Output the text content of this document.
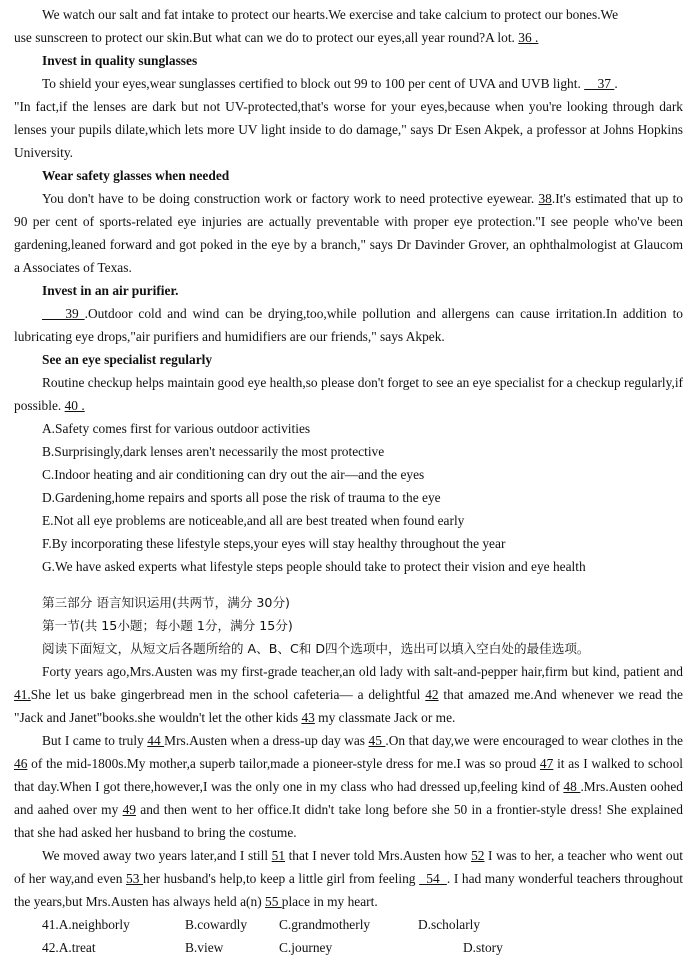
We watch our salt and fat intake to protect our hearts.We exercise and take calcium to protect our bones.We

use sunscreen to protect our skin.But what can we do to protect our eyes,all year round?A lot. 36 .

Invest in quality sunglasses

To shield your eyes,wear sunglasses certified to block out 99 to 100 per cent of UVA and UVB light.     37 .

"In fact,if the lenses are dark but not UV-protected,that's worse for your eyes,because when you're looking through dark lenses your pupils dilate,which lets more UV light inside to do damage," says Dr Esen Akpek, a professor at Johns Hopkins University.

Wear safety glasses when needed

You don't have to be doing construction work or factory work to need protective eyewear. 38.It's estimated that up to 90 per cent of sports-related eye injuries are actually preventable with proper eye protection."I see people who've been gardening,leaned forward and got poked in the eye by a branch," says Dr Davinder Grover, an ophthalmologist at Glaucom a Associates of Texas.

Invest in an air purifier.

39 .Outdoor cold and wind can be drying,too,while pollution and allergens can cause irritation.In addition to lubricating eye drops,"air purifiers and humidifiers are our friends," says Akpek.

See an eye specialist regularly

Routine checkup helps maintain good eye health,so please don't forget to see an eye specialist for a checkup regularly,if possible. 40 .

A.Safety comes first for various outdoor activities

B.Surprisingly,dark lenses aren't necessarily the most protective

C.Indoor heating and air conditioning can dry out the air—and the eyes

D.Gardening,home repairs and sports all pose the risk of trauma to the eye

E.Not all eye problems are noticeable,and all are best treated when found early

F.By incorporating these lifestyle steps,your eyes will stay healthy throughout the year

G.We have asked experts what lifestyle steps people should take to protect their vision and eye health

第三部分 语言知识运用(共两节，满分 30分)

第一节(共 15小题；每小题 1分，满分 15分)

阅读下面短文，从短文后各题所给的 A、B、C和 D四个选项中，选出可以填入空白处的最佳选项。

Forty years ago,Mrs.Austen was my first-grade teacher,an old lady with salt-and-pepper hair,firm but kind, patient and 41.She let us bake gingerbread men in the school cafeteria— a delightful 42 that amazed me.And whenever we read the "Jack and Janet"books.she wouldn't let the other kids 43 my classmate Jack or me.

But I came to truly 44 Mrs.Austen when a dress-up day was 45 .On that day,we were encouraged to wear clothes in the 46 of the mid-1800s.My mother,a superb tailor,made a pioneer-style dress for me.I was so proud 47 it as I walked to school that day.When I got there,however,I was the only one in my class who had dressed up,feeling kind of 48 .Mrs.Austen oohed and aahed over my 49 and then went to her office.It didn't take long before she 50 in a frontier-style dress! She explained that she had asked her husband to bring the costume.

We moved away two years later,and I still 51 that I never told Mrs.Austen how 52 I was to her, a teacher who went out of her way,and even 53 her husband's help,to keep a little girl from feeling   54  . I had many wonderful teachers throughout the years,but Mrs.Austen has always held a(n) 55 place in my heart.

41.A.neighborly	B.cowardly	C.grandmotherly	D.scholarly
42.A.treat	B.view	C.journey	D.story
